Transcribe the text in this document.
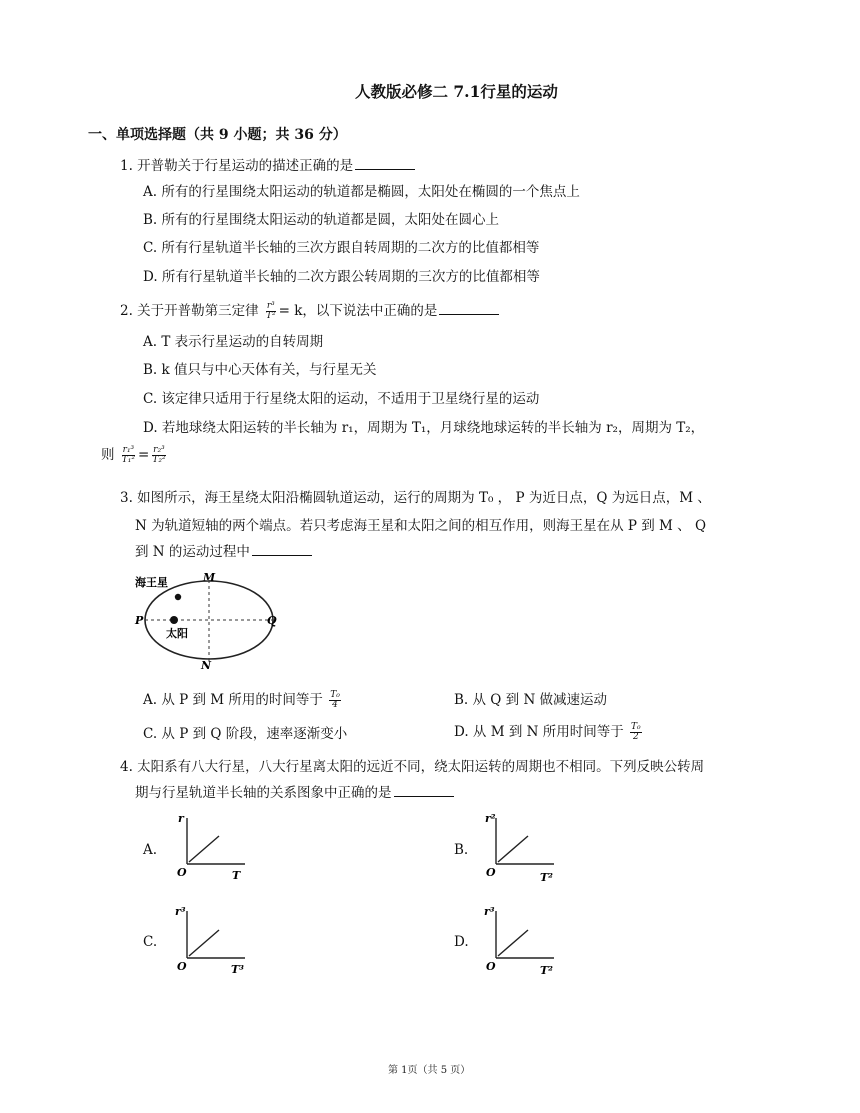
人教版必修二 7.1行星的运动
一、单项选择题（共 9 小题；共 36 分）
1. 开普勒关于行星运动的描述正确的是
A. 所有的行星围绕太阳运动的轨道都是椭圆，太阳处在椭圆的一个焦点上
B. 所有的行星围绕太阳运动的轨道都是圆，太阳处在圆心上
C. 所有行星轨道半长轴的三次方跟自转周期的二次方的比值都相等
D. 所有行星轨道半长轴的二次方跟公转周期的三次方的比值都相等
2. 关于开普勒第三定律 $\frac{\text{r³}}{\text{T²}} = k$，以下说法中正确的是
A. T 表示行星运动的自转周期
B. k 值只与中心天体有关，与行星无关
C. 该定律只适用于行星绕太阳的运动，不适用于卫星绕行星的运动
D. 若地球绕太阳运转的半长轴为 r₁，周期为 T₁，月球绕地球运转的半长轴为 r₂，周期为 T₂，
则 $\frac{\text{r₁³}}{\text{T₁²}} = \frac{\text{r₂³}}{\text{T₂²}}$
3. 如图所示，海王星绕太阳沿椭圆轨道运动，运行的周期为 T₀ ， P 为近日点，Q 为远日点，M 、
N 为轨道短轴的两个端点。若只考虑海王星和太阳之间的相互作用，则海王星在从 P 到 M 、 Q
到 N 的运动过程中
海王星
太阳
M
N
P	Q
A. 从 P 到 M 所用的时间等于 $\frac{\text{T₀}}{4}$	B. 从 Q 到 N 做减速运动
C. 从 P 到 Q 阶段，速率逐渐变小	D. 从 M 到 N 所用时间等于 $\frac{\text{T₀}}{2}$
4. 太阳系有八大行星，八大行星离太阳的远近不同，绕太阳运转的周期也不相同。下列反映公转周
期与行星轨道半长轴的关系图象中正确的是
A.
r
O	T
B.
r²
O	T²
C.
r³
O	T³
D.
r³
O	T²
第 1页（共 5 页）
